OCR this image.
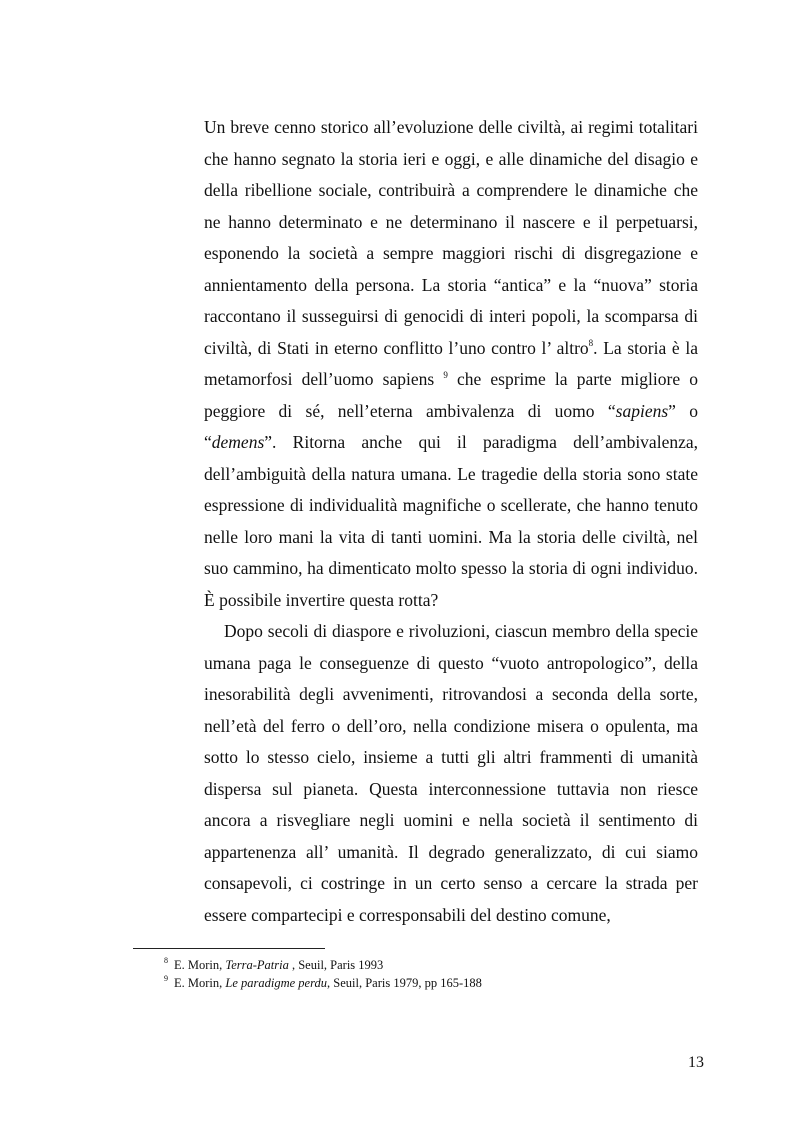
Un breve cenno storico all’evoluzione delle civiltà, ai regimi totalitari che hanno segnato la storia ieri e oggi, e alle dinamiche del disagio e della ribellione sociale, contribuirà a comprendere le dinamiche che ne hanno determinato e ne determinano il nascere e il perpetuarsi, esponendo la società a sempre maggiori rischi di disgregazione e annientamento della persona. La storia “antica” e la “nuova” storia raccontano il susseguirsi di genocidi di interi popoli, la scomparsa di civiltà, di Stati in eterno conflitto l’uno contro l’ altro$^8$. La storia è la metamorfosi dell’uomo sapiens $^9$ che esprime la parte migliore o peggiore di sé, nell’eterna ambivalenza di uomo “sapiens” o “demens”. Ritorna anche qui il paradigma dell’ambivalenza, dell’ambiguità della natura umana. Le tragedie della storia sono state espressione di individualità magnifiche o scellerate, che hanno tenuto nelle loro mani la vita di tanti uomini. Ma la storia delle civiltà, nel suo cammino, ha dimenticato molto spesso la storia di ogni individuo. È possibile invertire questa rotta?

Dopo secoli di diaspore e rivoluzioni, ciascun membro della specie umana paga le conseguenze di questo “vuoto antropologico”, della inesorabilità degli avvenimenti, ritrovandosi a seconda della sorte, nell’età del ferro o dell’oro, nella condizione misera o opulenta, ma sotto lo stesso cielo, insieme a tutti gli altri frammenti di umanità dispersa sul pianeta. Questa interconnessione tuttavia non riesce ancora a risvegliare negli uomini e nella società il sentimento di appartenenza all’ umanità. Il degrado generalizzato, di cui siamo consapevoli, ci costringe in un certo senso a cercare la strada per essere compartecipi e corresponsabili del destino comune,

$^8$ E. Morin, Terra-Patria , Seuil, Paris 1993
$^9$ E. Morin, Le paradigme perdu, Seuil, Paris 1979, pp 165-188
13
